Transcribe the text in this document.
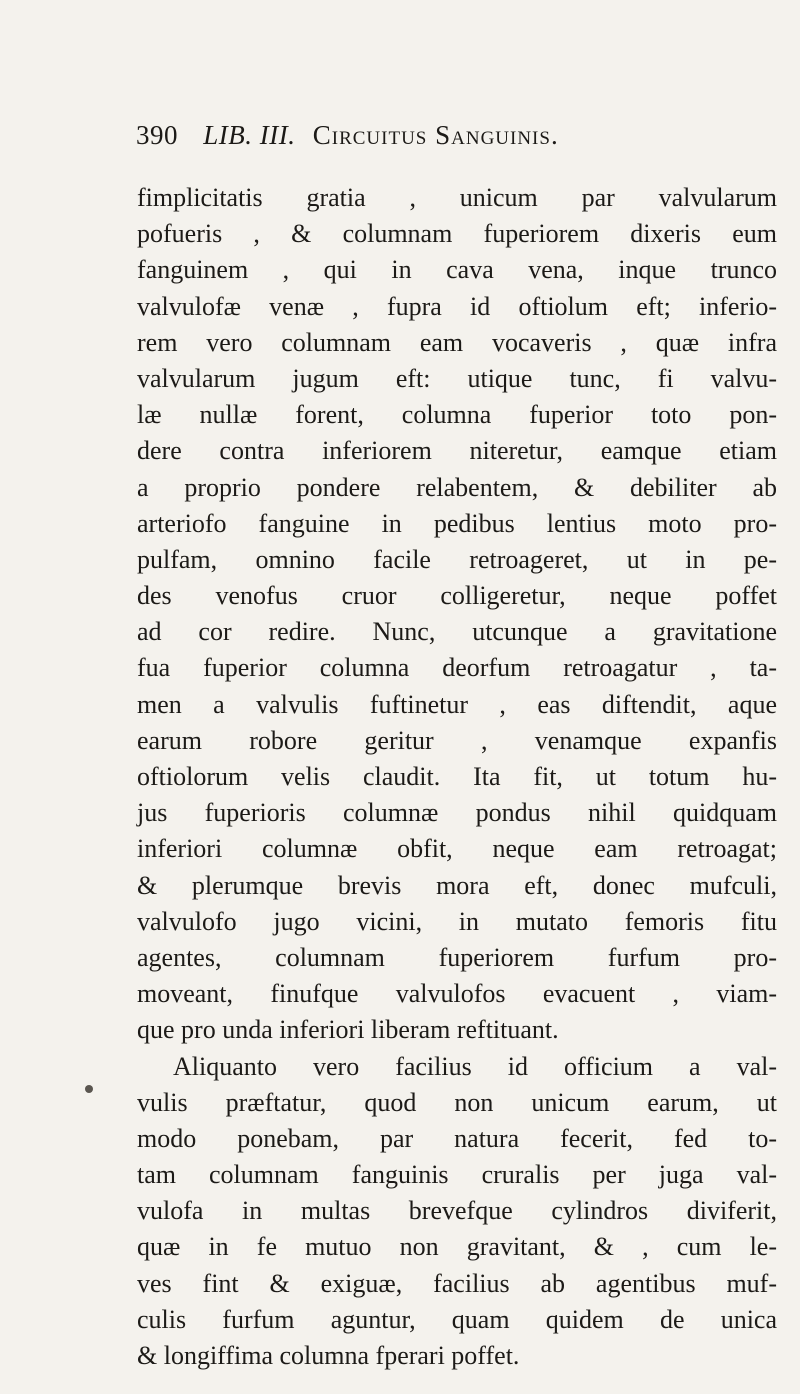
390 LIB. III. Circuitus Sanguinis.
fimplicitatis gratia , unicum par valvularum
pofueris , & columnam fuperiorem dixeris eum
fanguinem , qui in cava vena, inque trunco
valvulofæ venæ , fupra id oftiolum eft; inferio-
rem vero columnam eam vocaveris , quæ infra
valvularum jugum eft: utique tunc, fi valvu-
læ nullæ forent, columna fuperior toto pon-
dere contra inferiorem niteretur, eamque etiam
a proprio pondere relabentem, & debiliter ab
arteriofo fanguine in pedibus lentius moto pro-
pulfam, omnino facile retroageret, ut in pe-
des venofus cruor colligeretur, neque poffet
ad cor redire. Nunc, utcunque a gravitatione
fua fuperior columna deorfum retroagatur , ta-
men a valvulis fuftinetur , eas diftendit, aque
earum robore geritur , venamque expanfis
oftiolorum velis claudit. Ita fit, ut totum hu-
jus fuperioris columnæ pondus nihil quidquam
inferiori columnæ obfit, neque eam retroagat;
& plerumque brevis mora eft, donec mufculi,
valvulofo jugo vicini, in mutato femoris fitu
agentes, columnam fuperiorem furfum pro-
moveant, finufque valvulofos evacuent , viam-
que pro unda inferiori liberam reftituant.
Aliquanto vero facilius id officium a val-
vulis præftatur, quod non unicum earum, ut
modo ponebam, par natura fecerit, fed to-
tam columnam fanguinis cruralis per juga val-
vulofa in multas brevefque cylindros diviferit,
quæ in fe mutuo non gravitant, & , cum le-
ves fint & exiguæ, facilius ab agentibus muf-
culis furfum aguntur, quam quidem de unica
& longiffima columna fperari poffet.
